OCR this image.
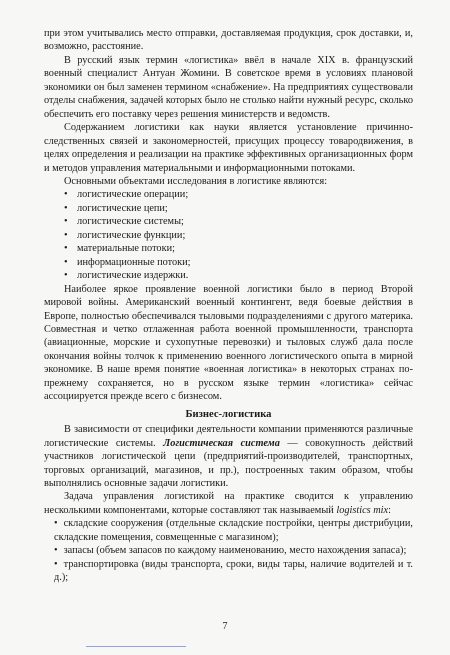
при этом учитывались место отправки, доставляемая продукция, срок доставки, и, возможно, расстояние.

В русский язык термин «логистика» ввёл в начале XIX в. французский военный специалист Антуан Жомини. В советское время в условиях плановой экономики он был заменен термином «снабжение». На предприятиях существовали отделы снабжения, задачей которых было не столько найти нужный ресурс, сколько обеспечить его поставку через решения министерств и ведомств.

Содержанием логистики как науки является установление причинно-следственных связей и закономерностей, присущих процессу товародвижения, в целях определения и реализации на практике эффективных организационных форм и методов управления материальными и информационными потоками.

Основными объектами исследования в логистике являются:

• логистические операции;
• логистические цепи;
• логистические системы;
• логистические функции;
• материальные потоки;
• информационные потоки;
• логистические издержки.

Наиболее яркое проявление военной логистики было в период Второй мировой войны. Американский военный контингент, ведя боевые действия в Европе, полностью обеспечивался тыловыми подразделениями с другого материка. Совместная и четко отлаженная работа военной промышленности, транспорта (авиационные, морские и сухопутные перевозки) и тыловых служб дала после окончания войны толчок к применению военного логистического опыта в мирной экономике. В наше время понятие «военная логистика» в некоторых странах по-прежнему сохраняется, но в русском языке термин «логистика» сейчас ассоциируется прежде всего с бизнесом.

Бизнес-логистика

В зависимости от специфики деятельности компании применяются различные логистические системы. Логистическая система — совокупность действий участников логистической цепи (предприятий-производителей, транспортных, торговых организаций, магазинов, и пр.), построенных таким образом, чтобы выполнялись основные задачи логистики.

Задача управления логистикой на практике сводится к управлению несколькими компонентами, которые составляют так называемый logistics mix:

• складские сооружения (отдельные складские постройки, центры дистрибуции, складские помещения, совмещенные с магазином);

• запасы (объем запасов по каждому наименованию, место нахождения запаса);

• транспортировка (виды транспорта, сроки, виды тары, наличие водителей и т. д.);

7
